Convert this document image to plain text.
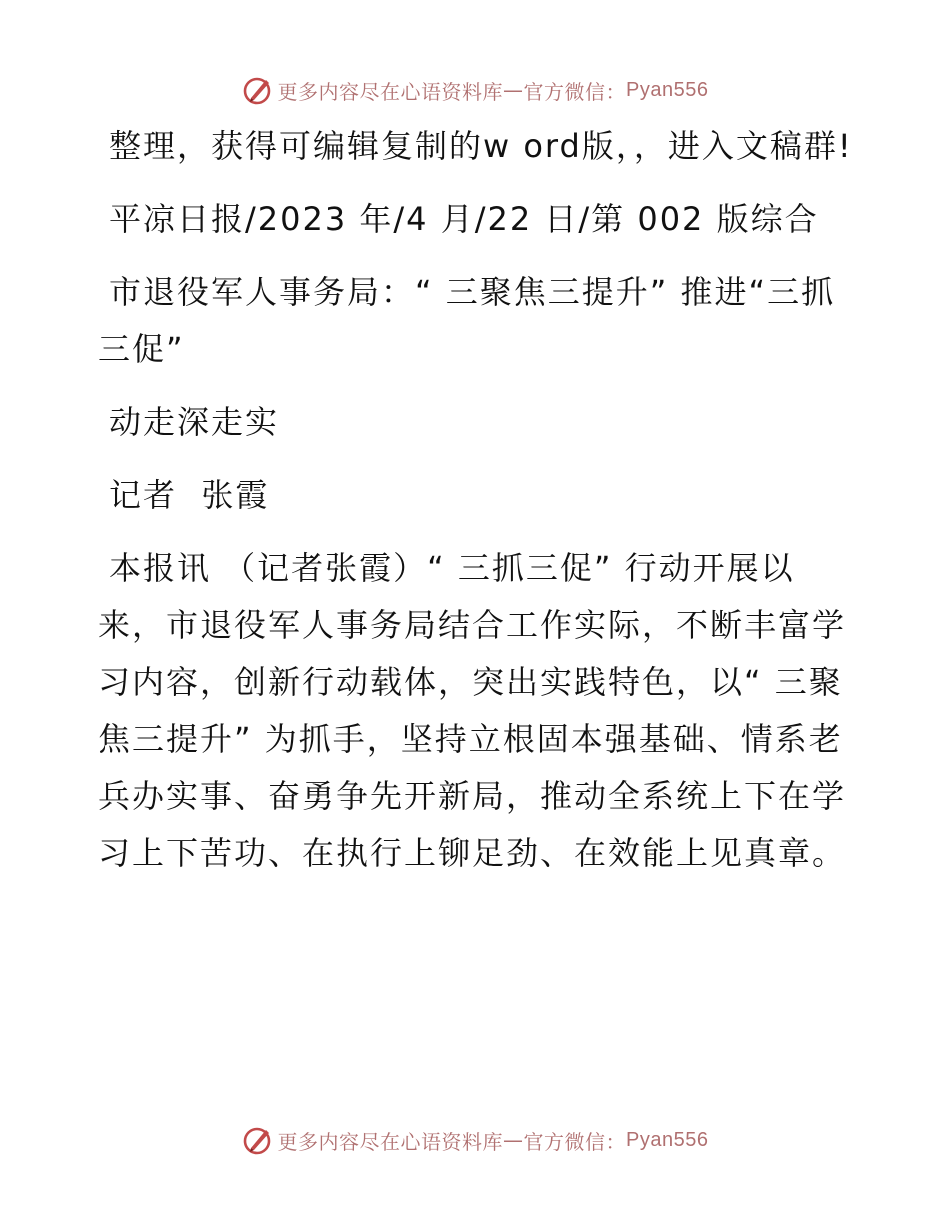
更多内容尽在心语资料库 — 官方微信： Pyan556

整理，获得可编辑复制的w ord版，，进入文稿群!

平凉日报/2023 年/4 月/22 日/第 002 版综合

市退役军人事务局：“ 三聚焦三提升” 推进“三抓三促”

动走深走实

记者  张霞

本报讯 （记者张霞）“ 三抓三促” 行动开展以来，市退役军人事务局结合工作实际，不断丰富学习内容，创新行动载体，突出实践特色，以“ 三聚焦三提升” 为抓手，坚持立根固本强基础、情系老兵办实事、奋勇争先开新局，推动全系统上下在学习上下苦功、在执行上铆足劲、在效能上见真章。

更多内容尽在心语资料库 — 官方微信： Pyan556
